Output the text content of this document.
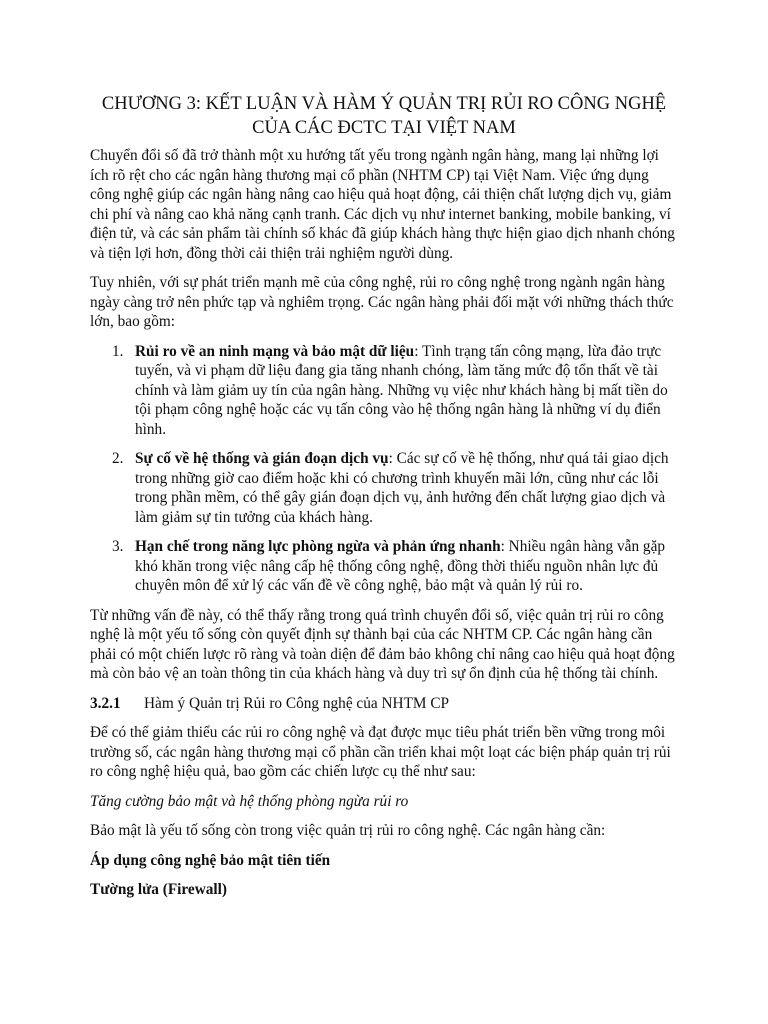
CHƯƠNG 3: KẾT LUẬN VÀ HÀM Ý QUẢN TRỊ RỦI RO CÔNG NGHỆ CỦA CÁC ĐCTC TẠI VIỆT NAM

Chuyển đổi số đã trở thành một xu hướng tất yếu trong ngành ngân hàng, mang lại những lợi ích rõ rệt cho các ngân hàng thương mại cổ phần (NHTM CP) tại Việt Nam. Việc ứng dụng công nghệ giúp các ngân hàng nâng cao hiệu quả hoạt động, cải thiện chất lượng dịch vụ, giảm chi phí và nâng cao khả năng cạnh tranh. Các dịch vụ như internet banking, mobile banking, ví điện tử, và các sản phẩm tài chính số khác đã giúp khách hàng thực hiện giao dịch nhanh chóng và tiện lợi hơn, đồng thời cải thiện trải nghiệm người dùng.

Tuy nhiên, với sự phát triển mạnh mẽ của công nghệ, rủi ro công nghệ trong ngành ngân hàng ngày càng trở nên phức tạp và nghiêm trọng. Các ngân hàng phải đối mặt với những thách thức lớn, bao gồm:

1. Rủi ro về an ninh mạng và bảo mật dữ liệu: Tình trạng tấn công mạng, lừa đảo trực tuyến, và vi phạm dữ liệu đang gia tăng nhanh chóng, làm tăng mức độ tổn thất về tài chính và làm giảm uy tín của ngân hàng. Những vụ việc như khách hàng bị mất tiền do tội phạm công nghệ hoặc các vụ tấn công vào hệ thống ngân hàng là những ví dụ điển hình.
2. Sự cố về hệ thống và gián đoạn dịch vụ: Các sự cố về hệ thống, như quá tải giao dịch trong những giờ cao điểm hoặc khi có chương trình khuyến mãi lớn, cũng như các lỗi trong phần mềm, có thể gây gián đoạn dịch vụ, ảnh hưởng đến chất lượng giao dịch và làm giảm sự tin tưởng của khách hàng.
3. Hạn chế trong năng lực phòng ngừa và phản ứng nhanh: Nhiều ngân hàng vẫn gặp khó khăn trong việc nâng cấp hệ thống công nghệ, đồng thời thiếu nguồn nhân lực đủ chuyên môn để xử lý các vấn đề về công nghệ, bảo mật và quản lý rủi ro.

Từ những vấn đề này, có thể thấy rằng trong quá trình chuyển đổi số, việc quản trị rủi ro công nghệ là một yếu tố sống còn quyết định sự thành bại của các NHTM CP. Các ngân hàng cần phải có một chiến lược rõ ràng và toàn diện để đảm bảo không chỉ nâng cao hiệu quả hoạt động mà còn bảo vệ an toàn thông tin của khách hàng và duy trì sự ổn định của hệ thống tài chính.

3.2.1 Hàm ý Quản trị Rủi ro Công nghệ của NHTM CP

Để có thể giảm thiểu các rủi ro công nghệ và đạt được mục tiêu phát triển bền vững trong môi trường số, các ngân hàng thương mại cổ phần cần triển khai một loạt các biện pháp quản trị rủi ro công nghệ hiệu quả, bao gồm các chiến lược cụ thể như sau:

Tăng cường bảo mật và hệ thống phòng ngừa rủi ro

Bảo mật là yếu tố sống còn trong việc quản trị rủi ro công nghệ. Các ngân hàng cần:

Áp dụng công nghệ bảo mật tiên tiến

Tường lửa (Firewall)
